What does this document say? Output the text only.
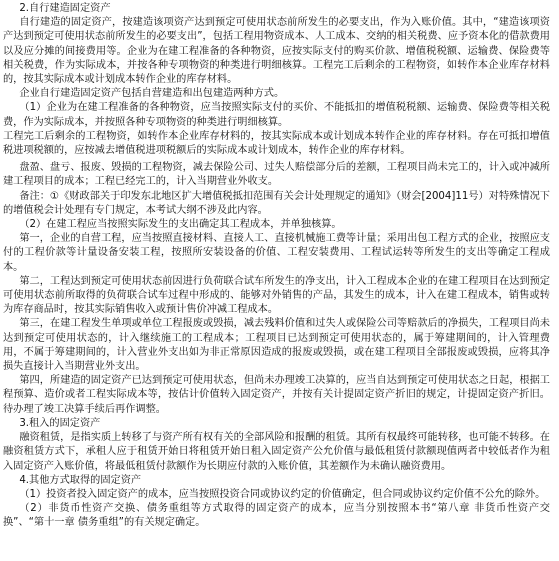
2.自行建造固定资产

自行建造的固定资产，按建造该项资产达到预定可使用状态前所发生的必要支出，作为入账价值。其中，“建造该项资产达到预定可使用状态前所发生的必要支出”，包括工程用物资成本、人工成本、交纳的相关税费、应予资本化的借款费用以及应分摊的间接费用等。企业为在建工程准备的各种物资，应按实际支付的购买价款、增值税税额、运输费、保险费等相关税费，作为实际成本，并按各种专项物资的种类进行明细核算。工程完工后剩余的工程物资，如转作本企业库存材料的，按其实际成本或计划成本转作企业的库存材料。

企业自行建造固定资产包括自营建造和出包建造两种方式。

（1）企业为在建工程准备的各种物资，应当按照实际支付的买价、不能抵扣的增值税税额、运输费、保险费等相关税费，作为实际成本，并按照各种专项物资的种类进行明细核算。

工程完工后剩余的工程物资，如转作本企业库存材料的，按其实际成本或计划成本转作企业的库存材料。存在可抵扣增值税进项税额的，应按减去增值税进项税额后的实际成本或计划成本，转作企业的库存材料。

盘盈、盘亏、报废、毁损的工程物资，减去保险公司、过失人赔偿部分后的差额，工程项目尚未完工的，计入或冲减所建工程项目的成本；工程已经完工的，计入当期营业外收支。

备注：①《财政部关于印发东北地区扩大增值税抵扣范围有关会计处理规定的通知》（财会[2004]11号）对特殊情况下的增值税会计处理有专门规定，本考试大纲不涉及此内容。

（2）在建工程应当按照实际发生的支出确定其工程成本，并单独核算。

第一，企业的自营工程，应当按照直接材料、直接人工、直接机械施工费等计量；采用出包工程方式的企业，按照应支付的工程价款等计量设备安装工程，按照所安装设备的价值、工程安装费用、工程试运转等所发生的支出等确定工程成本。

第二，工程达到预定可使用状态前因进行负荷联合试车所发生的净支出，计入工程成本企业的在建工程项目在达到预定可使用状态前所取得的负荷联合试车过程中形成的、能够对外销售的产品，其发生的成本，计入在建工程成本，销售或转为库存商品时，按其实际销售收入或预计售价冲减工程成本。

第三，在建工程发生单项或单位工程报废或毁损，减去残料价值和过失人或保险公司等赔款后的净损失，工程项目尚未达到预定可使用状态的，计入继续施工的工程成本；工程项目已达到预定可使用状态的，属于筹建期间的，计入管理费用，不属于筹建期间的，计入营业外支出如为非正常原因造成的报废或毁损，或在建工程项目全部报废或毁损，应将其净损失直接计入当期营业外支出。

第四，所建造的固定资产已达到预定可使用状态，但尚未办理竣工决算的，应当自达到预定可使用状态之日起，根据工程预算、造价或者工程实际成本等，按估计价值转入固定资产，并按有关计提固定资产折旧的规定，计提固定资产折旧。待办理了竣工决算手续后再作调整。

3.租入的固定资产

融资租赁，是指实质上转移了与资产所有权有关的全部风险和报酬的租赁。其所有权最终可能转移，也可能不转移。在融资租赁方式下，承租人应于租赁开始日将租赁开始日租入固定资产公允价值与最低租赁付款额现值两者中较低者作为租入固定资产入账价值，将最低租赁付款额作为长期应付款的入账价值，其差额作为未确认融资费用。

4.其他方式取得的固定资产

（1）投资者投入固定资产的成本，应当按照投资合同或协议约定的价值确定，但合同或协议约定价值不公允的除外。

（2）非货币性资产交换、债务重组等方式取得的固定资产的成本，应当分别按照本书“第八章 非货币性资产交换”、“第十一章 债务重组”的有关规定确定。
